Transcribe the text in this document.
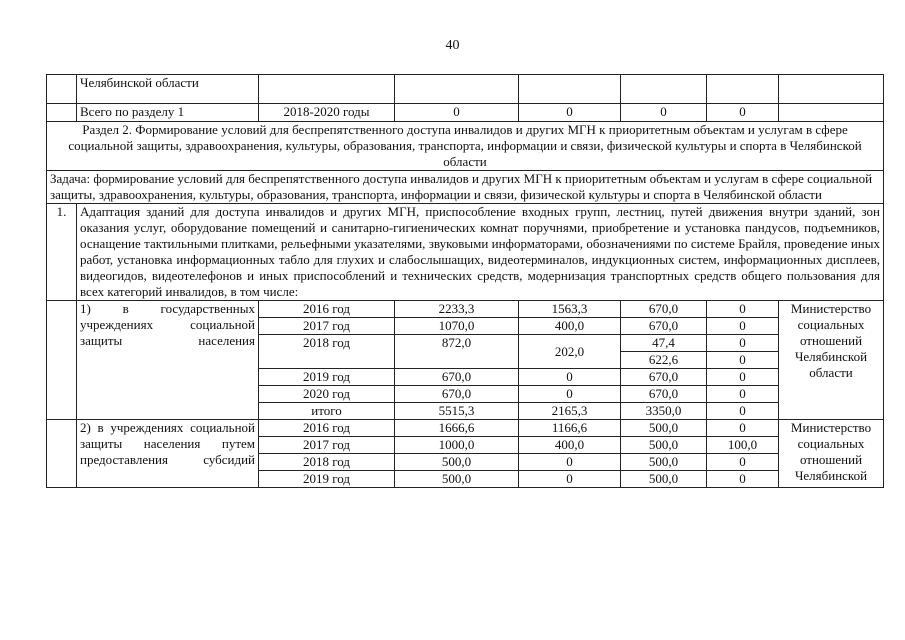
40
	Челябинской области						
	Всего по разделу 1	2018-2020 годы	0	0	0	0	
Раздел 2. Формирование условий для беспрепятственного доступа инвалидов и других МГН к приоритетным объектам и услугам в сфере социальной защиты, здравоохранения, культуры, образования, транспорта, информации и связи, физической культуры и спорта в Челябинской области							
Задача: формирование условий для беспрепятственного доступа инвалидов и других МГН к приоритетным объектам и услугам в сфере социальной защиты, здравоохранения, культуры, образования, транспорта, информации и связи, физической культуры и спорта в Челябинской области							
1.	Адаптация зданий для доступа инвалидов и других МГН, приспособление входных групп, лестниц, путей движения внутри зданий, зон оказания услуг, оборудование помещений и санитарно-гигиенических комнат поручнями, приобретение и установка пандусов, подъемников, оснащение тактильными плитками, рельефными указателями, звуковыми информаторами, обозначениями по системе Брайля, проведение иных работ, установка информационных табло для глухих и слабослышащих, видеотерминалов, индукционных систем, информационных дисплеев, видеогидов, видеотелефонов и иных приспособлений и технических средств, модернизация транспортных средств общего пользования для всех категорий инвалидов, в том числе:						
	1) в государственных учреждениях социальной защиты населения	2016 год	2233,3	1563,3	670,0	0	Министерство социальных отношений Челябинской области
		2017 год	1070,0	400,0	670,0	0	
		2018 год	872,0	202,0	47,4	0	
					622,6	0	
		2019 год	670,0	0	670,0	0	
		2020 год	670,0	0	670,0	0	
		итого	5515,3	2165,3	3350,0	0	
	2) в учреждениях социальной защиты населения путем предоставления субсидий	2016 год	1666,6	1166,6	500,0	0	Министерство социальных отношений Челябинской
		2017 год	1000,0	400,0	500,0	100,0	
		2018 год	500,0	0	500,0	0	
		2019 год	500,0	0	500,0	0	
